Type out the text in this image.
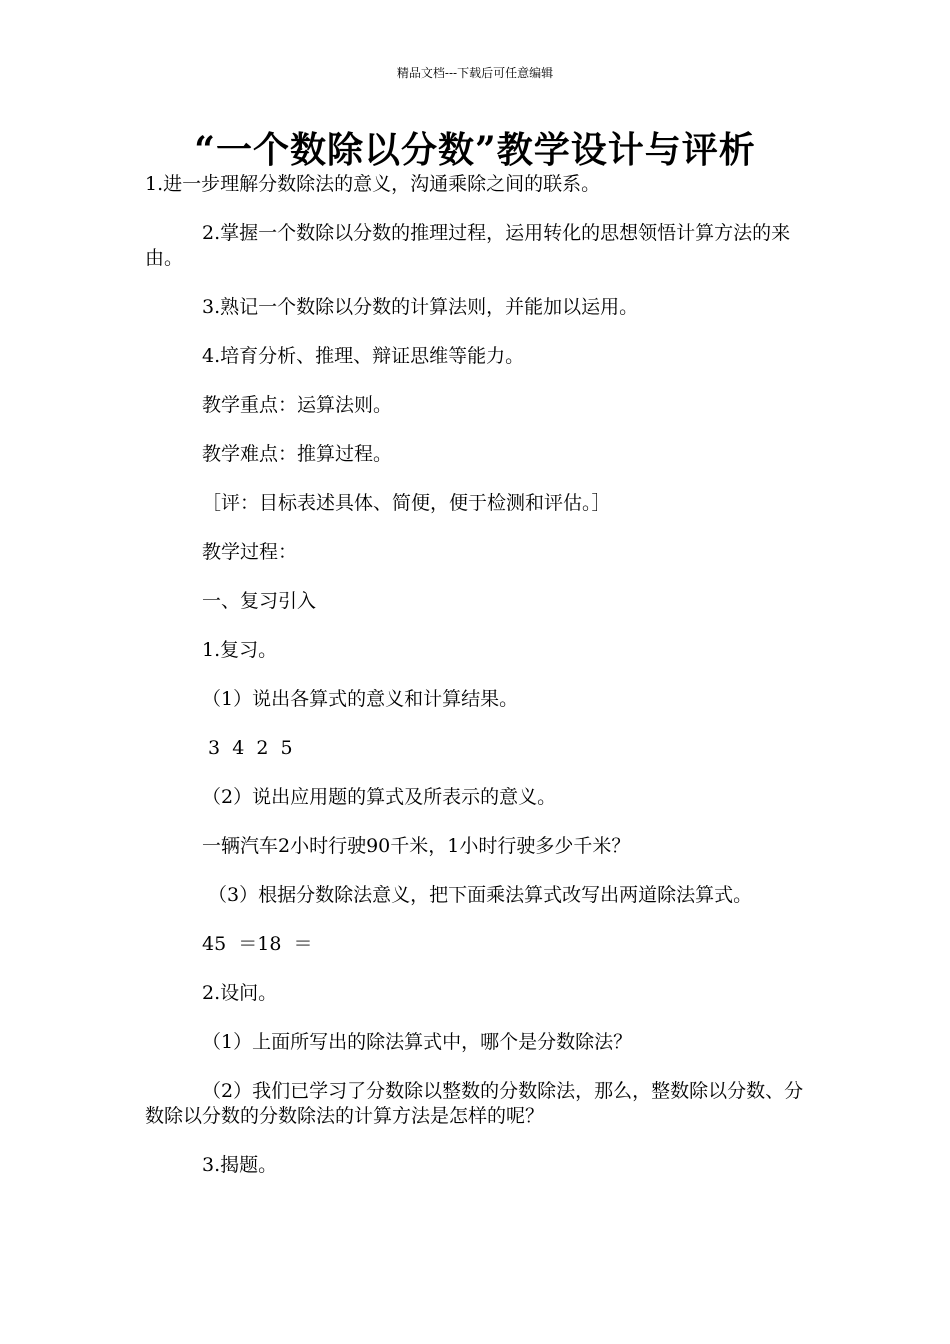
精品文档---下载后可任意编辑
“一个数除以分数”教学设计与评析

1.进一步理解分数除法的意义，沟通乘除之间的联系。

2.掌握一个数除以分数的推理过程，运用转化的思想领悟计算方法的来由。

3.熟记一个数除以分数的计算法则，并能加以运用。

4.培育分析、推理、辩证思维等能力。

教学重点：运算法则。

教学难点：推算过程。

［评：目标表述具体、简便，便于检测和评估。］

教学过程：

一、复习引入

1.复习。

（1）说出各算式的意义和计算结果。

3  4  2  5

（2）说出应用题的算式及所表示的意义。

一辆汽车2小时行驶90千米，1小时行驶多少千米？

（3）根据分数除法意义，把下面乘法算式改写出两道除法算式。

45  ＝18  ＝

2.设问。

（1）上面所写出的除法算式中，哪个是分数除法？

（2）我们已学习了分数除以整数的分数除法，那么，整数除以分数、分数除以分数的分数除法的计算方法是怎样的呢？

3.揭题。
